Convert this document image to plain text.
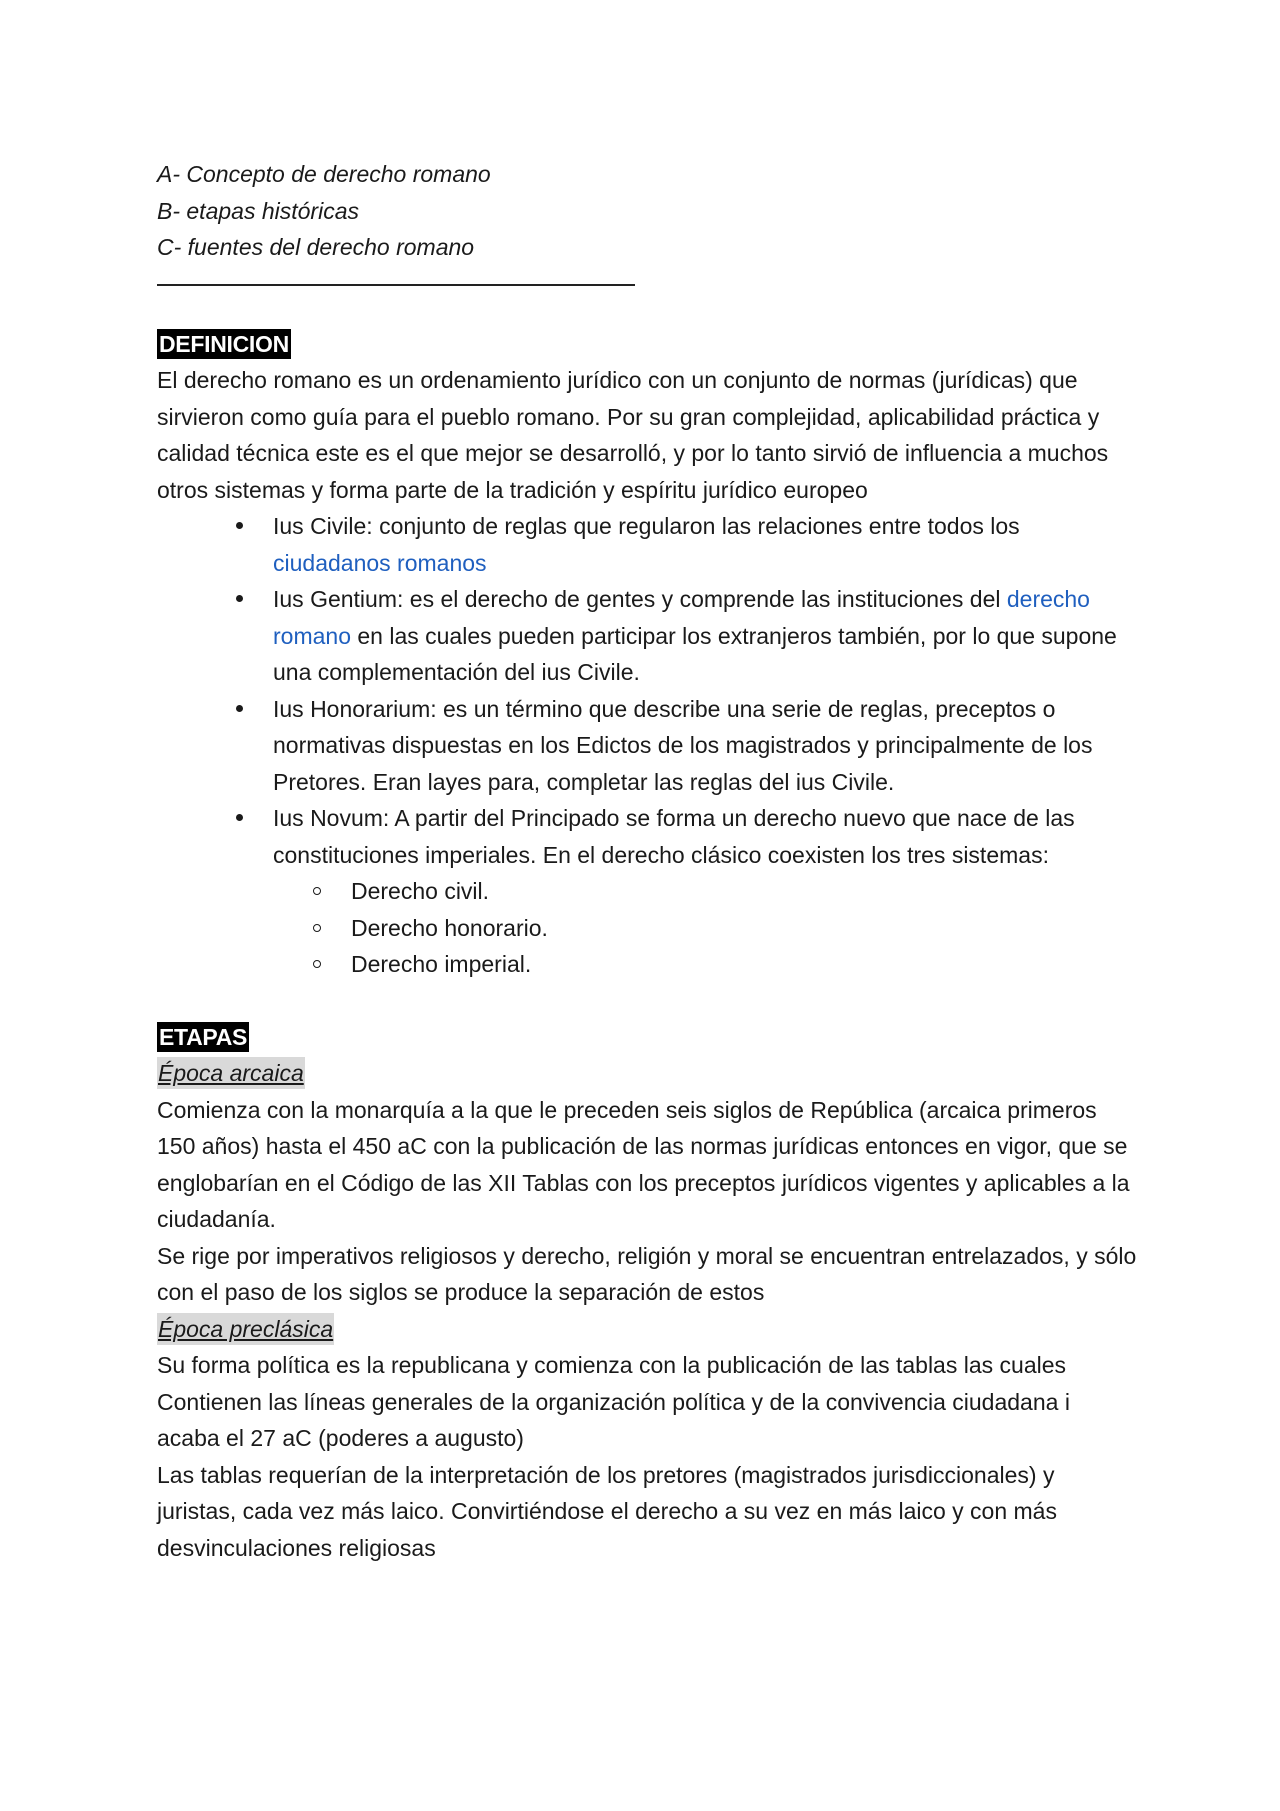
A- Concepto de derecho romano

B- etapas históricas

C- fuentes del derecho romano

DEFINICION

El derecho romano es un ordenamiento jurídico con un conjunto de normas (jurídicas) que sirvieron como guía para el pueblo romano. Por su gran complejidad, aplicabilidad práctica y calidad técnica este es el que mejor se desarrolló, y por lo tanto sirvió de influencia a muchos otros sistemas y forma parte de la tradición y espíritu jurídico europeo

Ius Civile: conjunto de reglas que regularon las relaciones entre todos los ciudadanos romanos
Ius Gentium: es el derecho de gentes y comprende las instituciones del derecho romano en las cuales pueden participar los extranjeros también, por lo que supone una complementación del ius Civile.
Ius Honorarium: es un término que describe una serie de reglas, preceptos o normativas dispuestas en los Edictos de los magistrados y principalmente de los Pretores. Eran layes para, completar las reglas del ius Civile.
Ius Novum: A partir del Principado se forma un derecho nuevo que nace de las constituciones imperiales. En el derecho clásico coexisten los tres sistemas:
Derecho civil.
Derecho honorario.
Derecho imperial.
ETAPAS
Época arcaica

Comienza con la monarquía a la que le preceden seis siglos de República (arcaica primeros 150 años) hasta el 450 aC con la publicación de las normas jurídicas entonces en vigor, que se englobarían en el Código de las XII Tablas con los preceptos jurídicos vigentes y aplicables a la ciudadanía.

Se rige por imperativos religiosos y derecho, religión y moral se encuentran entrelazados, y sólo con el paso de los siglos se produce la separación de estos

Época preclásica

Su forma política es la republicana y comienza con la publicación de las tablas las cuales Contienen las líneas generales de la organización política y de la convivencia ciudadana i acaba el 27 aC (poderes a augusto)

Las tablas requerían de la interpretación de los pretores (magistrados jurisdiccionales) y juristas, cada vez más laico. Convirtiéndose el derecho a su vez en más laico y con más desvinculaciones religiosas
